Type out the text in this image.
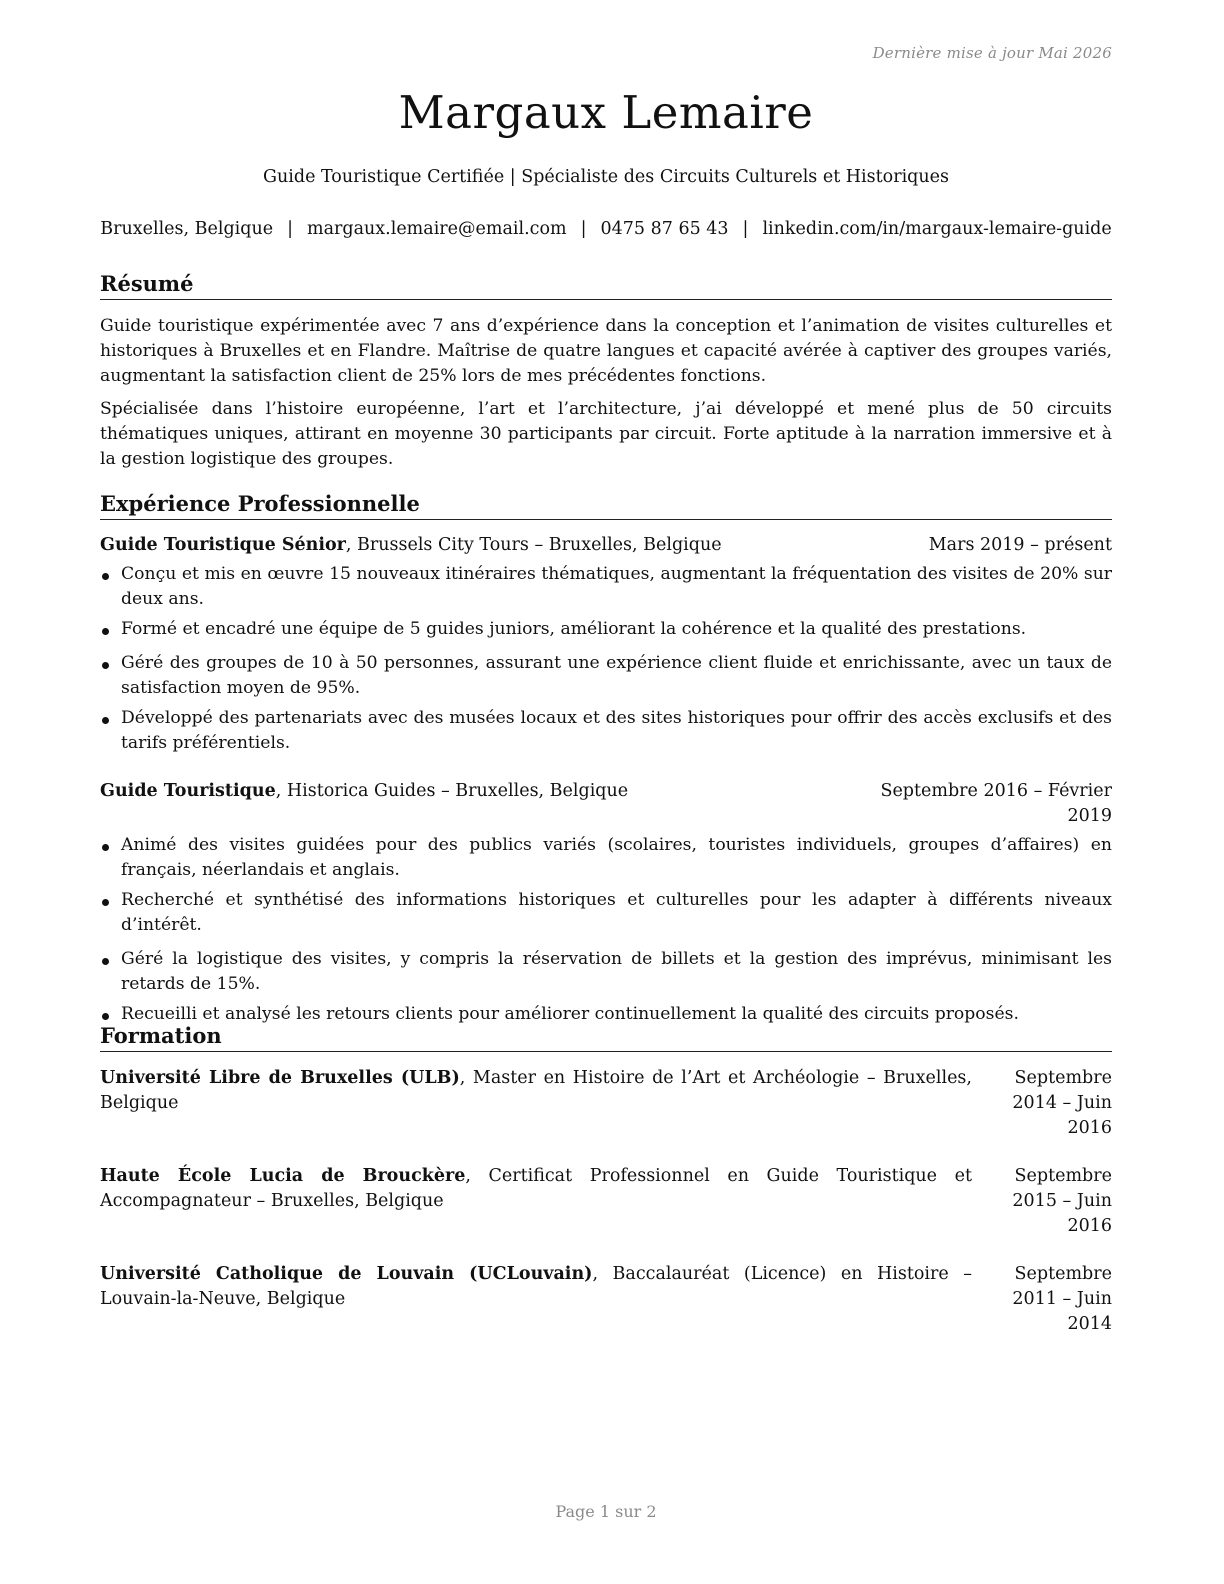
Dernière mise à jour Mai 2026
Margaux Lemaire
Guide Touristique Certifiée | Spécialiste des Circuits Culturels et Historiques
Bruxelles, Belgique | margaux.lemaire@email.com | 0475 87 65 43 | linkedin.com/in/margaux-lemaire-guide
Résumé

Guide touristique expérimentée avec 7 ans d’expérience dans la conception et l’animation de visites culturelles et historiques à Bruxelles et en Flandre. Maîtrise de quatre langues et capacité avérée à captiver des groupes variés, augmentant la satisfaction client de 25% lors de mes précédentes fonctions.

Spécialisée dans l’histoire européenne, l’art et l’architecture, j’ai développé et mené plus de 50 circuits thématiques uniques, attirant en moyenne 30 participants par circuit. Forte aptitude à la narration immersive et à la gestion logistique des groupes.

Expérience Professionnelle
Guide Touristique Sénior, Brussels City Tours – Bruxelles, Belgique	Mars 2019 – présent
Conçu et mis en œuvre 15 nouveaux itinéraires thématiques, augmentant la fréquentation des visites de 20% sur deux ans.
Formé et encadré une équipe de 5 guides juniors, améliorant la cohérence et la qualité des prestations.
Géré des groupes de 10 à 50 personnes, assurant une expérience client fluide et enrichissante, avec un taux de satisfaction moyen de 95%.
Développé des partenariats avec des musées locaux et des sites historiques pour offrir des accès exclusifs et des tarifs préférentiels.
Guide Touristique, Historica Guides – Bruxelles, Belgique	Septembre 2016 – Février 2019
Animé des visites guidées pour des publics variés (scolaires, touristes individuels, groupes d’affaires) en français, néerlandais et anglais.
Recherché et synthétisé des informations historiques et culturelles pour les adapter à différents niveaux d’intérêt.
Géré la logistique des visites, y compris la réservation de billets et la gestion des imprévus, minimisant les retards de 15%.
Recueilli et analysé les retours clients pour améliorer continuellement la qualité des circuits proposés.
Formation
Université Libre de Bruxelles (ULB), Master en Histoire de l’Art et Archéologie – Bruxelles, Belgique
Septembre 2014 – Juin 2016
Haute École Lucia de Brouckère, Certificat Professionnel en Guide Touristique et Accompagnateur – Bruxelles, Belgique
Septembre 2015 – Juin 2016
Université Catholique de Louvain (UCLouvain), Baccalauréat (Licence) en Histoire – Louvain-la-Neuve, Belgique
Septembre 2011 – Juin 2014
Page 1 sur 2
